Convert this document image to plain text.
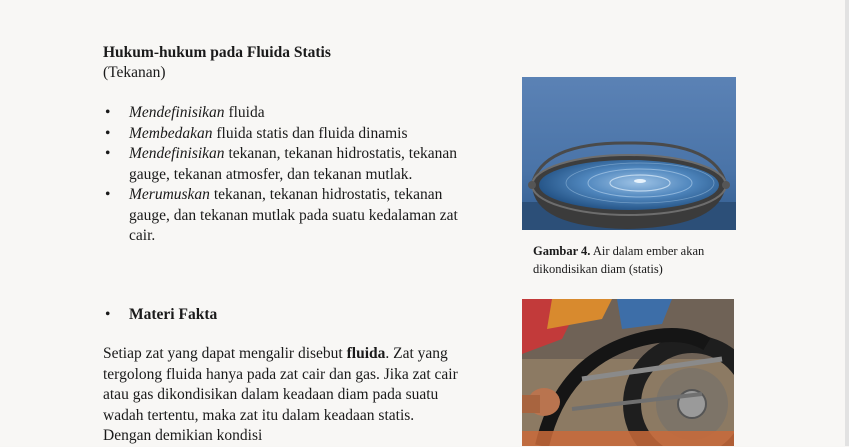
Hukum-hukum pada Fluida Statis
(Tekanan)
• Mendefinisikan fluida
• Membedakan fluida statis dan fluida dinamis
• Mendefinisikan tekanan, tekanan hidrostatis, tekanan gauge, tekanan atmosfer, dan tekanan mutlak.
• Merumuskan tekanan, tekanan hidrostatis, tekanan gauge, dan tekanan mutlak pada suatu kedalaman zat cair.
• Materi Fakta
Setiap zat yang dapat mengalir disebut fluida. Zat yang tergolong fluida hanya pada zat cair dan gas. Jika zat cair atau gas dikondisikan dalam keadaan diam pada suatu wadah tertentu, maka zat itu dalam keadaan statis. Dengan demikian kondisi
Gambar 4. Air dalam ember akan dikondisikan diam (statis)
